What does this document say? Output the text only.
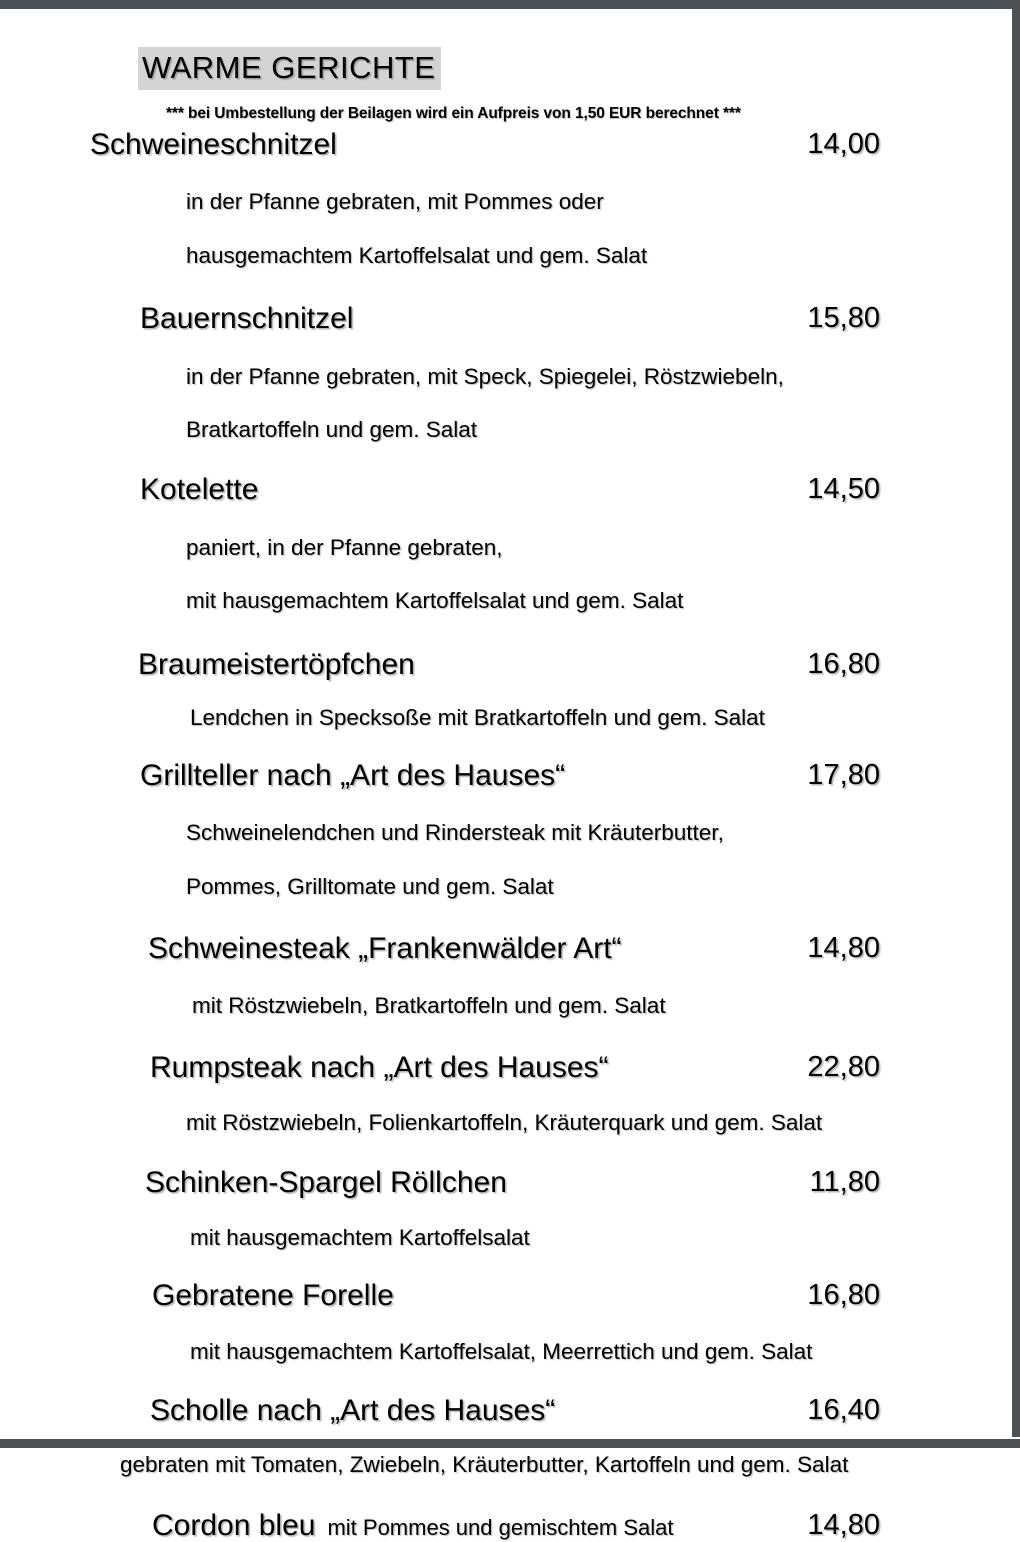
WARME GERICHTE
*** bei Umbestellung der Beilagen wird ein Aufpreis von 1,50 EUR berechnet ***
Schweineschnitzel	14,00
in der Pfanne gebraten, mit Pommes oder
hausgemachtem Kartoffelsalat und gem. Salat
Bauernschnitzel	15,80
in der Pfanne gebraten, mit Speck, Spiegelei, Röstzwiebeln,
Bratkartoffeln und gem. Salat
Kotelette	14,50
paniert, in der Pfanne gebraten,
mit hausgemachtem Kartoffelsalat und gem. Salat
Braumeistertöpfchen	16,80
Lendchen in Specksoße mit Bratkartoffeln und gem. Salat
Grillteller nach „Art des Hauses“	17,80
Schweinelendchen und Rindersteak mit Kräuterbutter,
Pommes, Grilltomate und gem. Salat
Schweinesteak „Frankenwälder Art“	14,80
mit Röstzwiebeln, Bratkartoffeln und gem. Salat
Rumpsteak nach „Art des Hauses“	22,80
mit Röstzwiebeln, Folienkartoffeln, Kräuterquark und gem. Salat
Schinken-Spargel Röllchen	11,80
mit hausgemachtem Kartoffelsalat
Gebratene Forelle	16,80
mit hausgemachtem Kartoffelsalat, Meerrettich und gem. Salat
Scholle nach „Art des Hauses“	16,40
gebraten mit Tomaten, Zwiebeln, Kräuterbutter, Kartoffeln und gem. Salat
Cordon bleu mit Pommes und gemischtem Salat	14,80
